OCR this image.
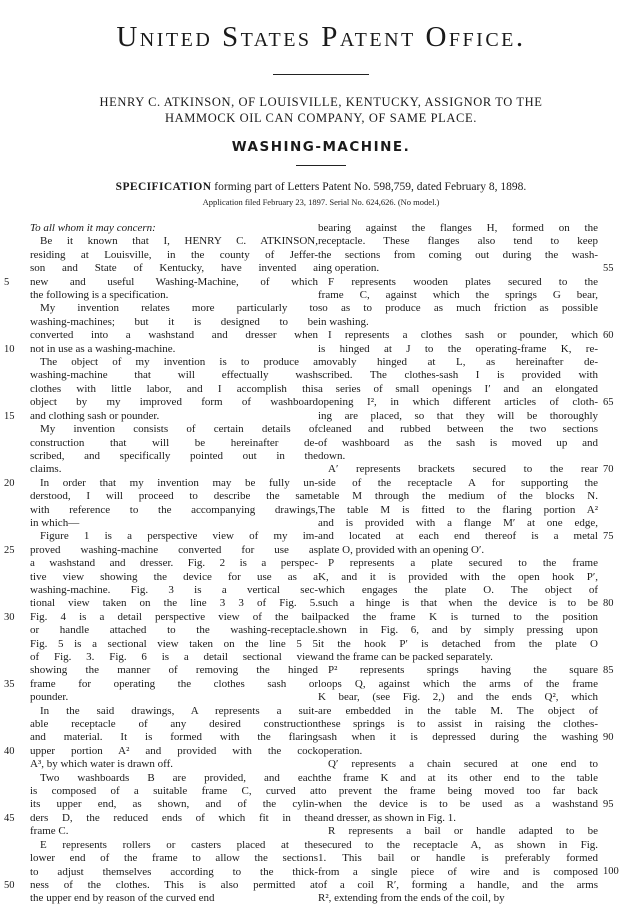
United States Patent Office.
HENRY C. ATKINSON, OF LOUISVILLE, KENTUCKY, ASSIGNOR TO THE
HAMMOCK OIL CAN COMPANY, OF SAME PLACE.
WASHING-MACHINE.
SPECIFICATION forming part of Letters Patent No. 598,759, dated February 8, 1898.
Application filed February 23, 1897. Serial No. 624,626. (No model.)
To all whom it may concern:
Be it known that I, HENRY C. ATKINSON,
residing at Louisville, in the county of Jeffer-
son and State of Kentucky, have invented a
new and useful Washing-Machine, of which
the following is a specification.
My invention relates more particularly to
washing-machines; but it is designed to be
converted into a washstand and dresser when
not in use as a washing-machine.
The object of my invention is to produce a
washing-machine that will effectually wash
clothes with little labor, and I accomplish this
object by my improved form of washboard
and clothing sash or pounder.
My invention consists of certain details of
construction that will be hereinafter de-
scribed, and specifically pointed out in the
claims.
In order that my invention may be fully un-
derstood, I will proceed to describe the same
with reference to the accompanying drawings,
in which—
Figure 1 is a perspective view of my im-
proved washing-machine converted for use as
a washstand and dresser. Fig. 2 is a perspec-
tive view showing the device for use as a
washing-machine. Fig. 3 is a vertical sec-
tional view taken on the line 3 3 of Fig. 5.
Fig. 4 is a detail perspective view of the bail
or handle attached to the washing-receptacle.
Fig. 5 is a sectional view taken on the line 5 5
of Fig. 3. Fig. 6 is a detail sectional view
showing the manner of removing the hinged
frame for operating the clothes sash or
pounder.
In the said drawings, A represents a suit-
able receptacle of any desired construction
and material. It is formed with the flaring
upper portion A² and provided with the cock
A³, by which water is drawn off.
Two washboards B are provided, and each
is composed of a suitable frame C, curved at
its upper end, as shown, and of the cylin-
ders D, the reduced ends of which fit in the
frame C.
E represents rollers or casters placed at the
lower end of the frame to allow the sections
to adjust themselves according to the thick-
ness of the clothes. This is also permitted at
the upper end by reason of the curved end
bearing against the flanges H, formed on the
receptacle. These flanges also tend to keep
the sections from coming out during the wash-
ing operation.
F represents wooden plates secured to the
frame C, against which the springs G bear,
so as to produce as much friction as possible
in washing.
I represents a clothes sash or pounder, which
is hinged at J to the operating-frame K, re-
movably hinged at L, as hereinafter de-
scribed. The clothes-sash I is provided with
a series of small openings I′ and an elongated
opening I², in which different articles of cloth-
ing are placed, so that they will be thoroughly
cleaned and rubbed between the two sections
of washboard as the sash is moved up and
down.
A′ represents brackets secured to the rear
side of the receptacle A for supporting the
table M through the medium of the blocks N.
The table M is fitted to the flaring portion A²
and is provided with a flange M′ at one edge,
and located at each end thereof is a metal
plate O, provided with an opening O′.
P represents a plate secured to the frame
K, and it is provided with the open hook P′,
which engages the plate O. The object of
such a hinge is that when the device is to be
packed the frame K is turned to the position
shown in Fig. 6, and by simply pressing upon
it the hook P′ is detached from the plate O
and the frame can be packed separately.
P² represents springs having the square
loops Q, against which the arms of the frame
K bear, (see Fig. 2,) and the ends Q², which
are embedded in the table M. The object of
these springs is to assist in raising the clothes-
sash when it is depressed during the washing
operation.
Q′ represents a chain secured at one end to
the frame K and at its other end to the table
to prevent the frame being moved too far back
when the device is to be used as a washstand
and dresser, as shown in Fig. 1.
R represents a bail or handle adapted to be
secured to the receptacle A, as shown in Fig.
1. This bail or handle is preferably formed
from a single piece of wire and is composed
of a coil R′, forming a handle, and the arms
R², extending from the ends of the coil, by
5
10
15
20
25
30
35
40
45
50
55
60
65
70
75
80
85
90
95
100
